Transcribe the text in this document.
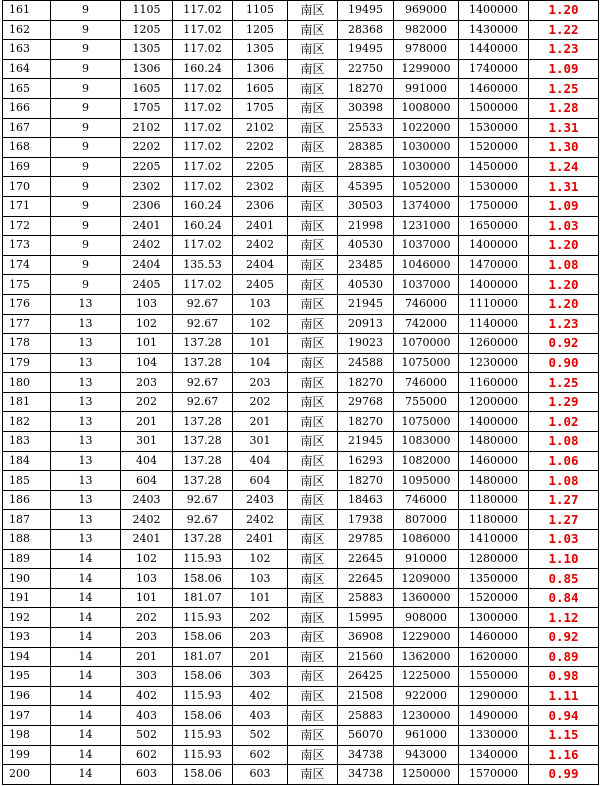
161	9	1105	117.02	1105	南区	19495	969000	1400000	1.20
162	9	1205	117.02	1205	南区	28368	982000	1430000	1.22
163	9	1305	117.02	1305	南区	19495	978000	1440000	1.23
164	9	1306	160.24	1306	南区	22750	1299000	1740000	1.09
165	9	1605	117.02	1605	南区	18270	991000	1460000	1.25
166	9	1705	117.02	1705	南区	30398	1008000	1500000	1.28
167	9	2102	117.02	2102	南区	25533	1022000	1530000	1.31
168	9	2202	117.02	2202	南区	28385	1030000	1520000	1.30
169	9	2205	117.02	2205	南区	28385	1030000	1450000	1.24
170	9	2302	117.02	2302	南区	45395	1052000	1530000	1.31
171	9	2306	160.24	2306	南区	30503	1374000	1750000	1.09
172	9	2401	160.24	2401	南区	21998	1231000	1650000	1.03
173	9	2402	117.02	2402	南区	40530	1037000	1400000	1.20
174	9	2404	135.53	2404	南区	23485	1046000	1470000	1.08
175	9	2405	117.02	2405	南区	40530	1037000	1400000	1.20
176	13	103	92.67	103	南区	21945	746000	1110000	1.20
177	13	102	92.67	102	南区	20913	742000	1140000	1.23
178	13	101	137.28	101	南区	19023	1070000	1260000	0.92
179	13	104	137.28	104	南区	24588	1075000	1230000	0.90
180	13	203	92.67	203	南区	18270	746000	1160000	1.25
181	13	202	92.67	202	南区	29768	755000	1200000	1.29
182	13	201	137.28	201	南区	18270	1075000	1400000	1.02
183	13	301	137.28	301	南区	21945	1083000	1480000	1.08
184	13	404	137.28	404	南区	16293	1082000	1460000	1.06
185	13	604	137.28	604	南区	18270	1095000	1480000	1.08
186	13	2403	92.67	2403	南区	18463	746000	1180000	1.27
187	13	2402	92.67	2402	南区	17938	807000	1180000	1.27
188	13	2401	137.28	2401	南区	29785	1086000	1410000	1.03
189	14	102	115.93	102	南区	22645	910000	1280000	1.10
190	14	103	158.06	103	南区	22645	1209000	1350000	0.85
191	14	101	181.07	101	南区	25883	1360000	1520000	0.84
192	14	202	115.93	202	南区	15995	908000	1300000	1.12
193	14	203	158.06	203	南区	36908	1229000	1460000	0.92
194	14	201	181.07	201	南区	21560	1362000	1620000	0.89
195	14	303	158.06	303	南区	26425	1225000	1550000	0.98
196	14	402	115.93	402	南区	21508	922000	1290000	1.11
197	14	403	158.06	403	南区	25883	1230000	1490000	0.94
198	14	502	115.93	502	南区	56070	961000	1330000	1.15
199	14	602	115.93	602	南区	34738	943000	1340000	1.16
200	14	603	158.06	603	南区	34738	1250000	1570000	0.99
